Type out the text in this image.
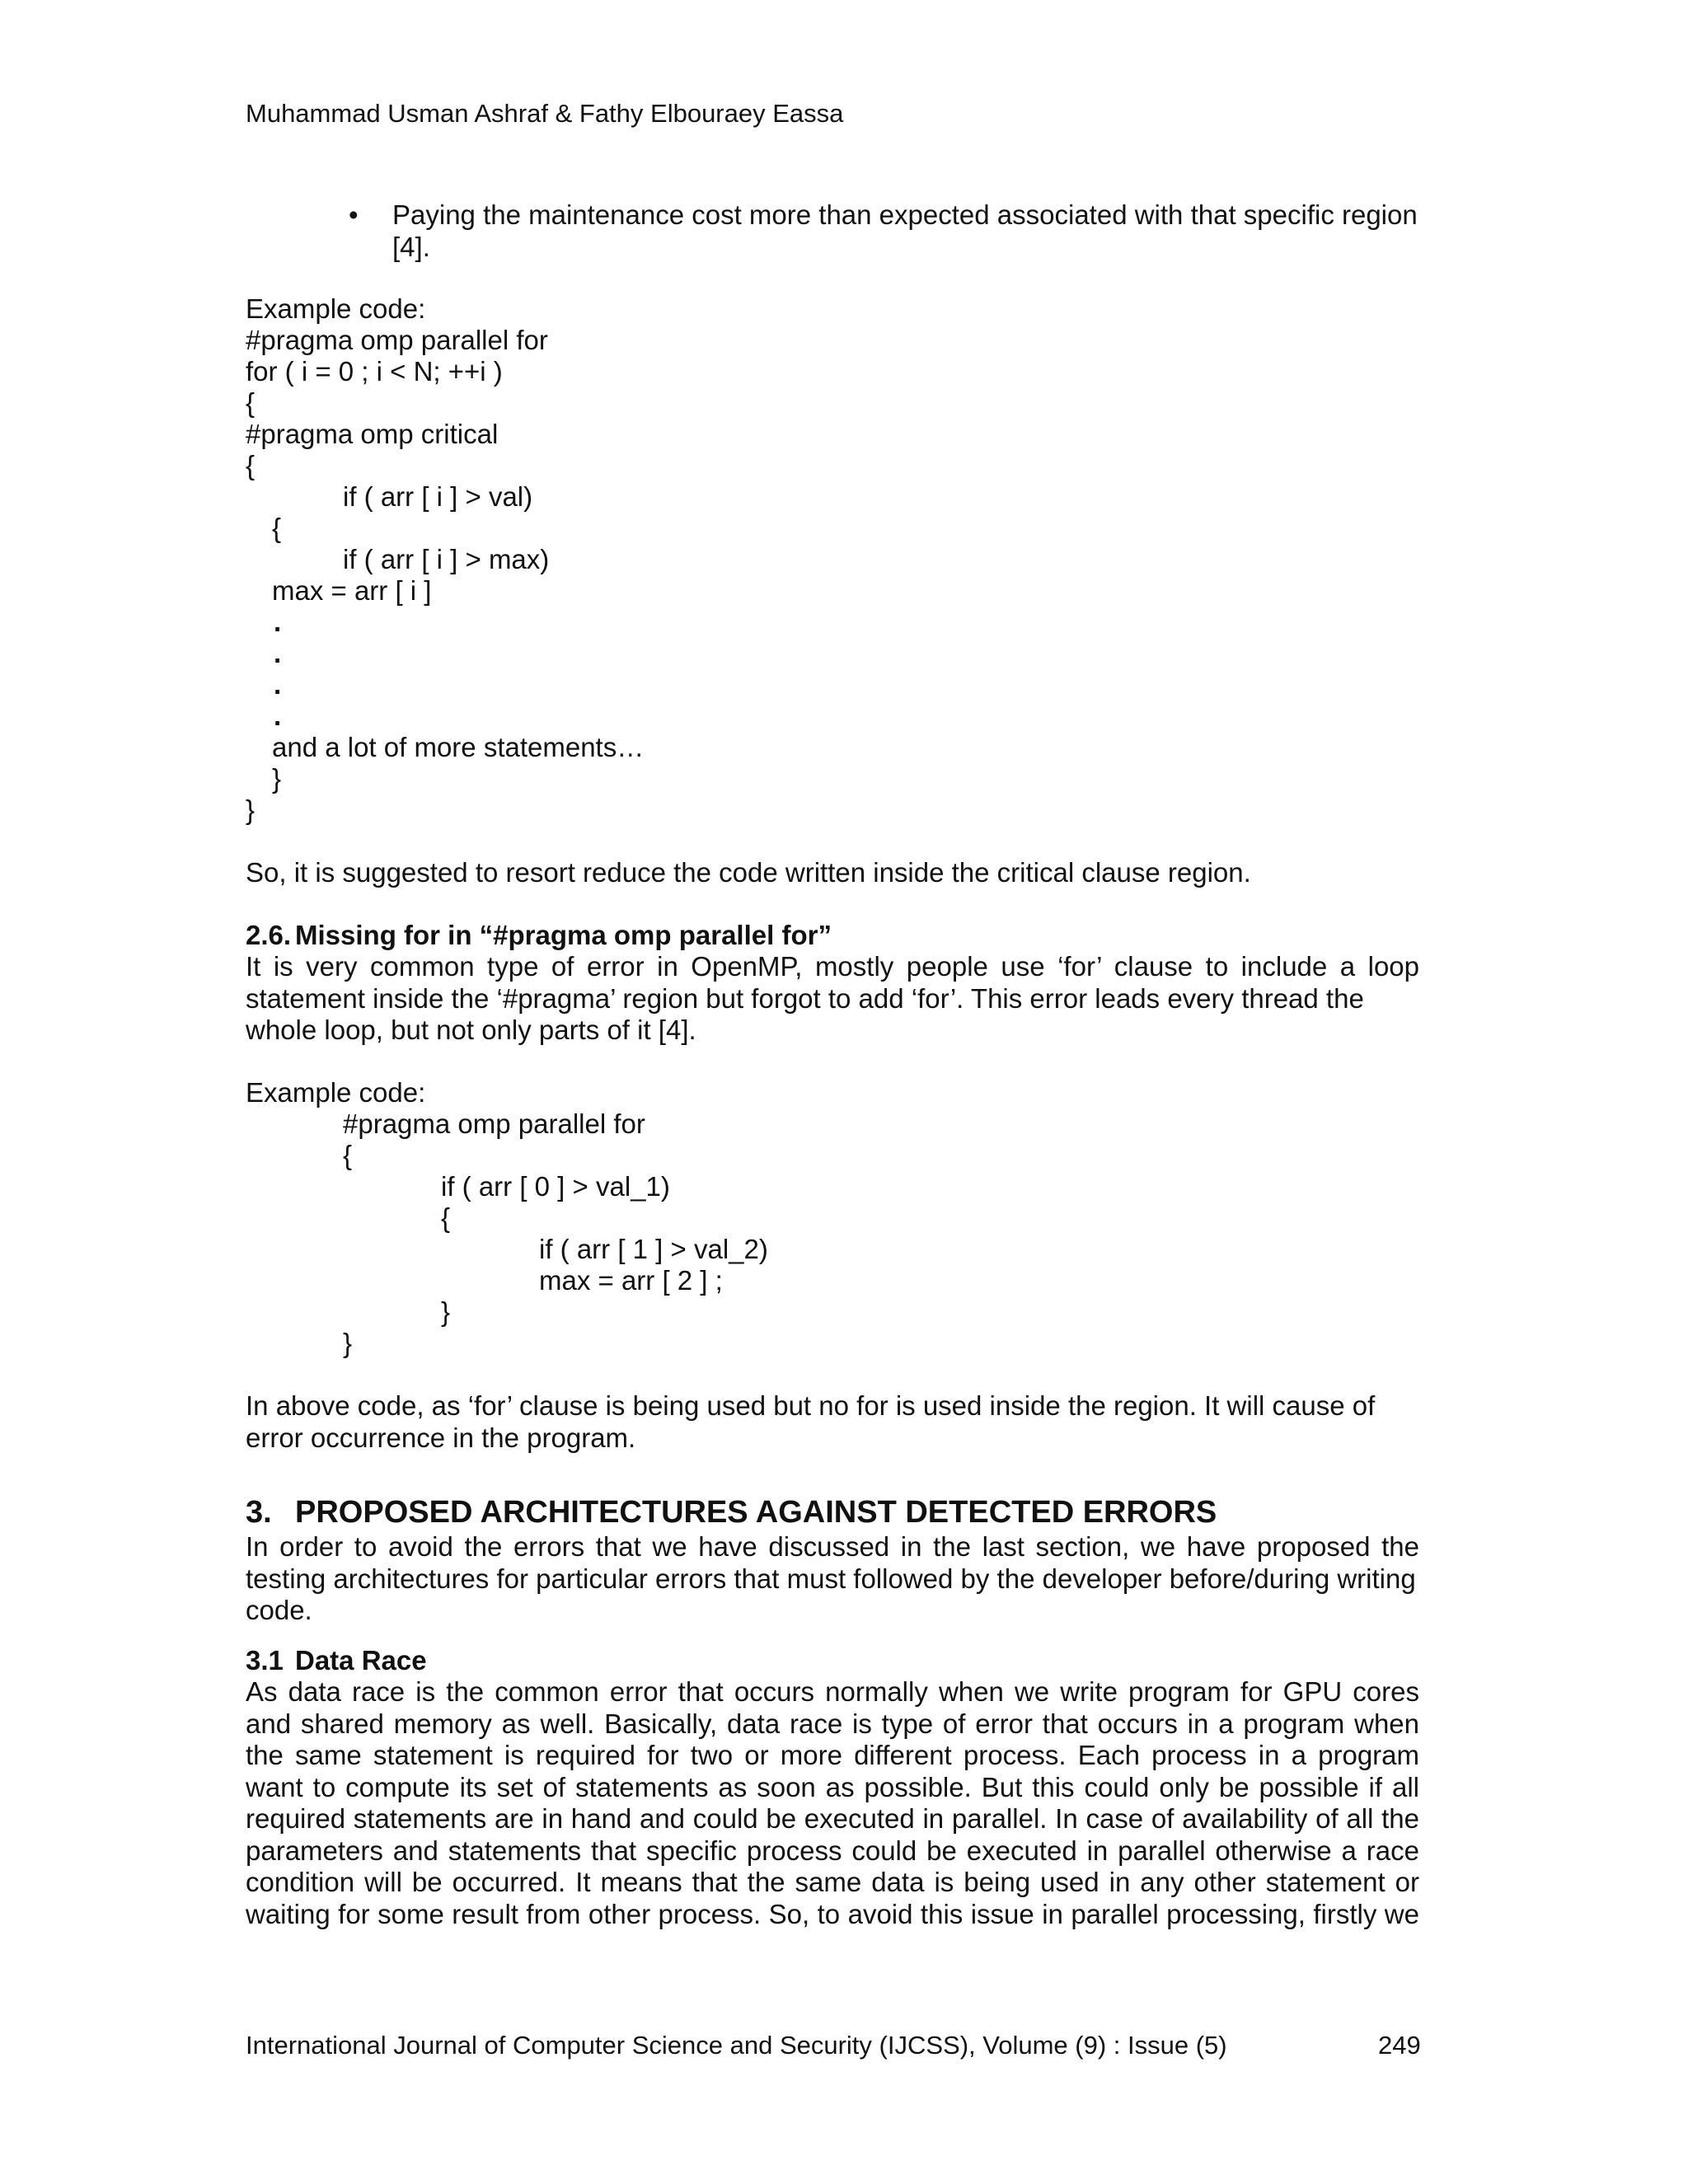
Muhammad Usman Ashraf & Fathy Elbouraey Eassa
• Paying the maintenance cost more than expected associated with that specific region [4].
Example code:
#pragma omp parallel for
for ( i = 0 ; i < N; ++i )
{
#pragma omp critical
{
if ( arr [ i ] > val)
{
if ( arr [ i ] > max)
max = arr [ i ]
.
.
.
.
and a lot of more statements…
}
}
So, it is suggested to resort reduce the code written inside the critical clause region.
2.6. Missing for in “#pragma omp parallel for”
It is very common type of error in OpenMP, mostly people use ‘for’ clause to include a loop statement inside the ‘#pragma’ region but forgot to add ‘for’. This error leads every thread the
whole loop, but not only parts of it [4].
Example code:
#pragma omp parallel for
{
if ( arr [ 0 ] > val_1)
{
if ( arr [ 1 ] > val_2)
max = arr [ 2 ] ;
}
}
In above code, as ‘for’ clause is being used but no for is used inside the region. It will cause of
error occurrence in the program.
3. PROPOSED ARCHITECTURES AGAINST DETECTED ERRORS
In order to avoid the errors that we have discussed in the last section, we have proposed the testing architectures for particular errors that must followed by the developer before/during writing
code.
3.1 Data Race
As data race is the common error that occurs normally when we write program for GPU cores and shared memory as well. Basically, data race is type of error that occurs in a program when the same statement is required for two or more different process. Each process in a program want to compute its set of statements as soon as possible. But this could only be possible if all required statements are in hand and could be executed in parallel. In case of availability of all the parameters and statements that specific process could be executed in parallel otherwise a race condition will be occurred. It means that the same data is being used in any other statement or waiting for some result from other process. So, to avoid this issue in parallel processing, firstly we
International Journal of Computer Science and Security (IJCSS), Volume (9) : Issue (5)	249
